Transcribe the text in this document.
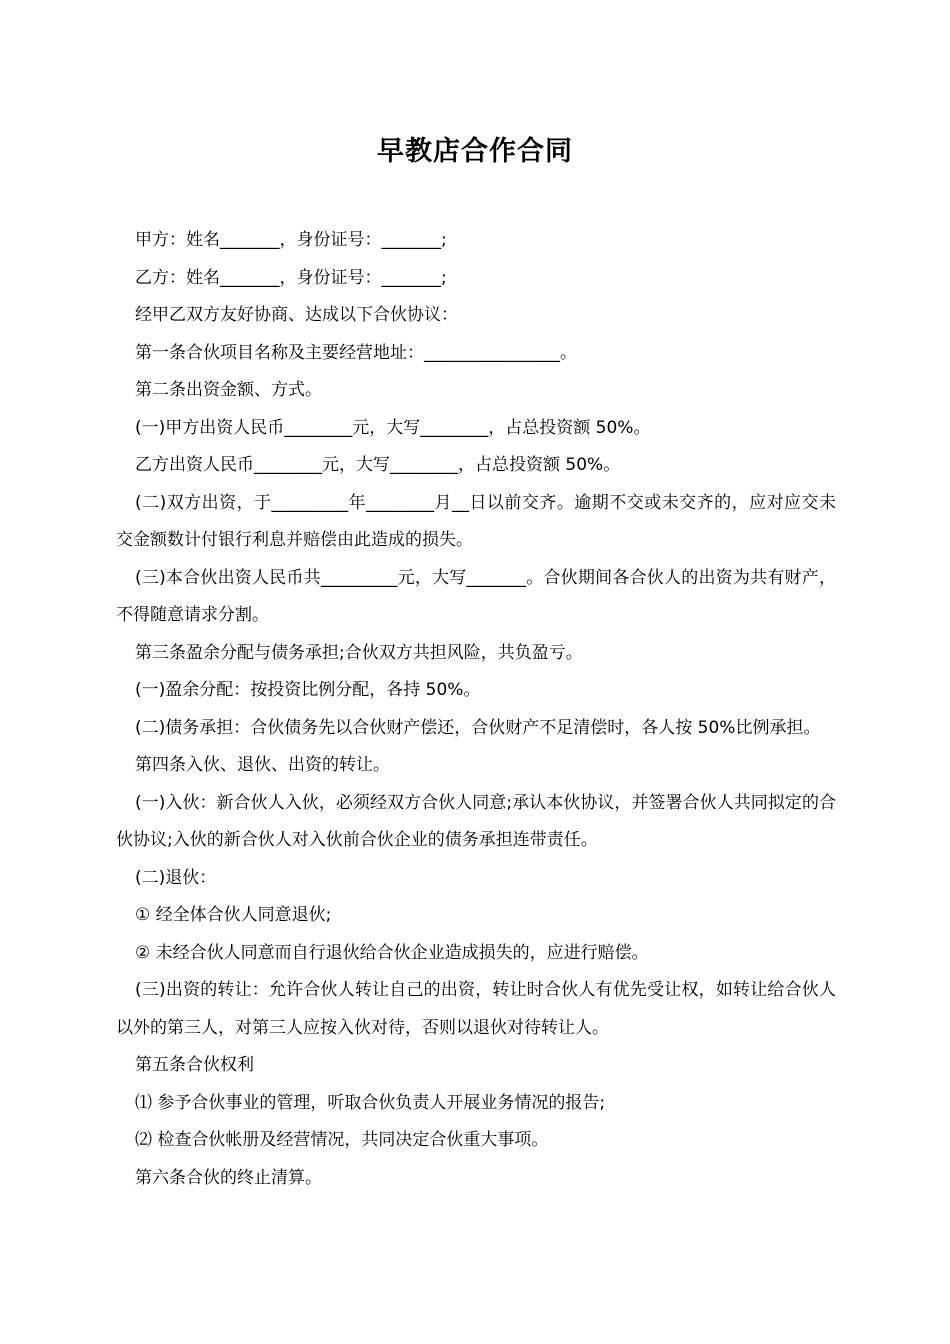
早教店合作合同

甲方：姓名_______，身份证号：_______;

乙方：姓名_______，身份证号：_______;

经甲乙双方友好协商、达成以下合伙协议：

第一条合伙项目名称及主要经营地址：________________。

第二条出资金额、方式。

(一)甲方出资人民币________元，大写________，占总投资额 50%。

乙方出资人民币________元，大写________，占总投资额 50%。

(二)双方出资，于_________年________月__日以前交齐。逾期不交或未交齐的，应对应交未交金额数计付银行利息并赔偿由此造成的损失。

(三)本合伙出资人民币共_________元，大写_______。合伙期间各合伙人的出资为共有财产，不得随意请求分割。

第三条盈余分配与债务承担;合伙双方共担风险，共负盈亏。

(一)盈余分配：按投资比例分配，各持 50%。

(二)债务承担：合伙债务先以合伙财产偿还，合伙财产不足清偿时，各人按 50%比例承担。

第四条入伙、退伙、出资的转让。

(一)入伙：新合伙人入伙，必须经双方合伙人同意;承认本伙协议，并签署合伙人共同拟定的合伙协议;入伙的新合伙人对入伙前合伙企业的债务承担连带责任。

(二)退伙：

① 经全体合伙人同意退伙;

② 未经合伙人同意而自行退伙给合伙企业造成损失的，应进行赔偿。

(三)出资的转让：允许合伙人转让自己的出资，转让时合伙人有优先受让权，如转让给合伙人以外的第三人，对第三人应按入伙对待，否则以退伙对待转让人。

第五条合伙权利

⑴ 参予合伙事业的管理，听取合伙负责人开展业务情况的报告;

⑵ 检查合伙帐册及经营情况，共同决定合伙重大事项。

第六条合伙的终止清算。
